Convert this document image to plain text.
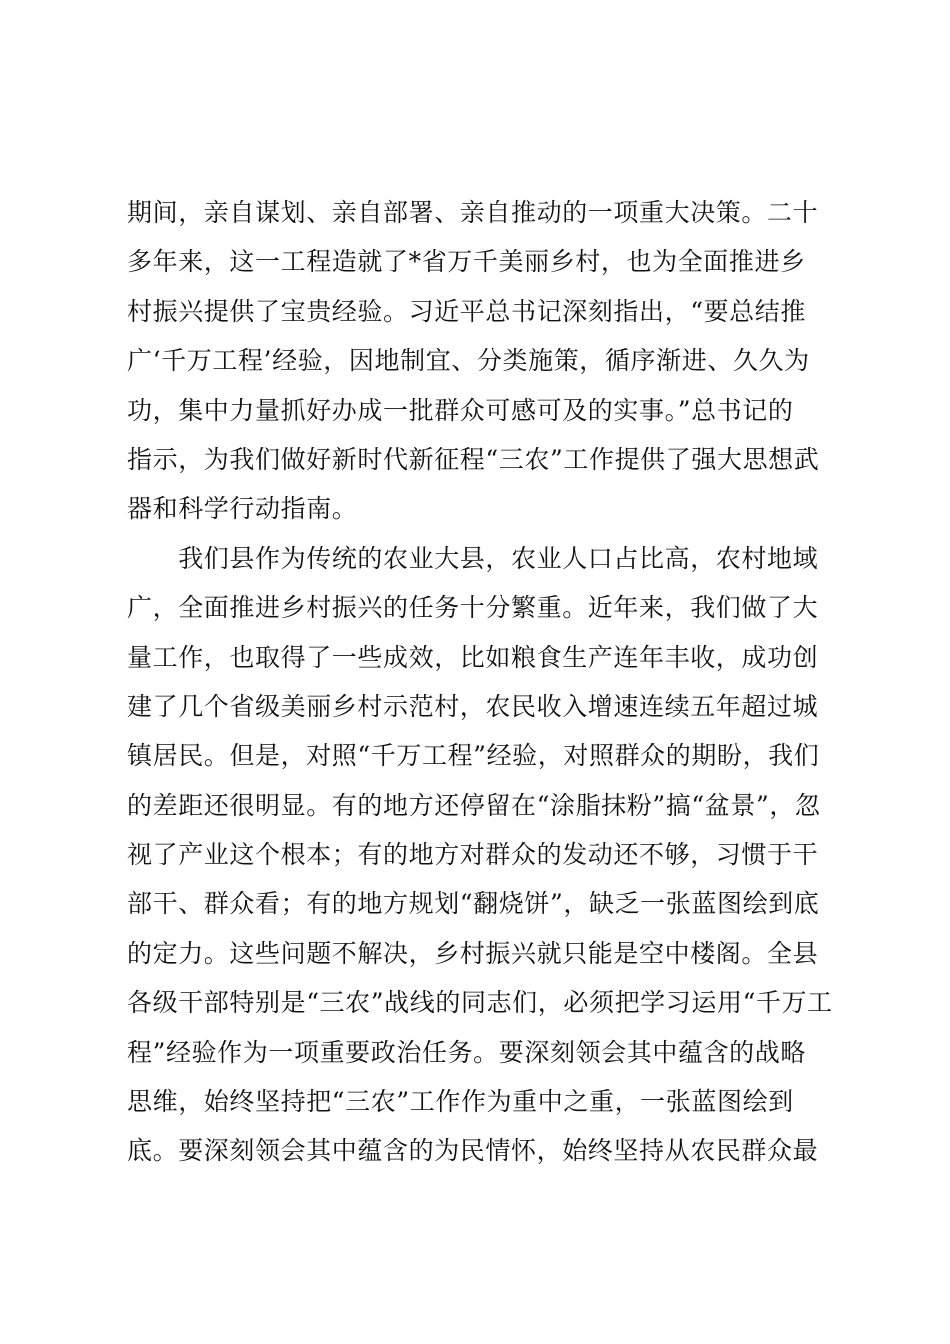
期间，亲自谋划、亲自部署、亲自推动的一项重大决策。二十
多年来，这一工程造就了*省万千美丽乡村，也为全面推进乡
村振兴提供了宝贵经验。习近平总书记深刻指出，“要总结推
广‘千万工程’经验，因地制宜、分类施策，循序渐进、久久为
功，集中力量抓好办成一批群众可感可及的实事。”总书记的
指示，为我们做好新时代新征程“三农”工作提供了强大思想武
器和科学行动指南。
　　我们县作为传统的农业大县，农业人口占比高，农村地域
广，全面推进乡村振兴的任务十分繁重。近年来，我们做了大
量工作，也取得了一些成效，比如粮食生产连年丰收，成功创
建了几个省级美丽乡村示范村，农民收入增速连续五年超过城
镇居民。但是，对照“千万工程”经验，对照群众的期盼，我们
的差距还很明显。有的地方还停留在“涂脂抹粉”搞“盆景”，忽
视了产业这个根本；有的地方对群众的发动还不够，习惯于干
部干、群众看；有的地方规划“翻烧饼”，缺乏一张蓝图绘到底
的定力。这些问题不解决，乡村振兴就只能是空中楼阁。全县
各级干部特别是“三农”战线的同志们，必须把学习运用“千万工
程”经验作为一项重要政治任务。要深刻领会其中蕴含的战略
思维，始终坚持把“三农”工作作为重中之重，一张蓝图绘到
底。要深刻领会其中蕴含的为民情怀，始终坚持从农民群众最
